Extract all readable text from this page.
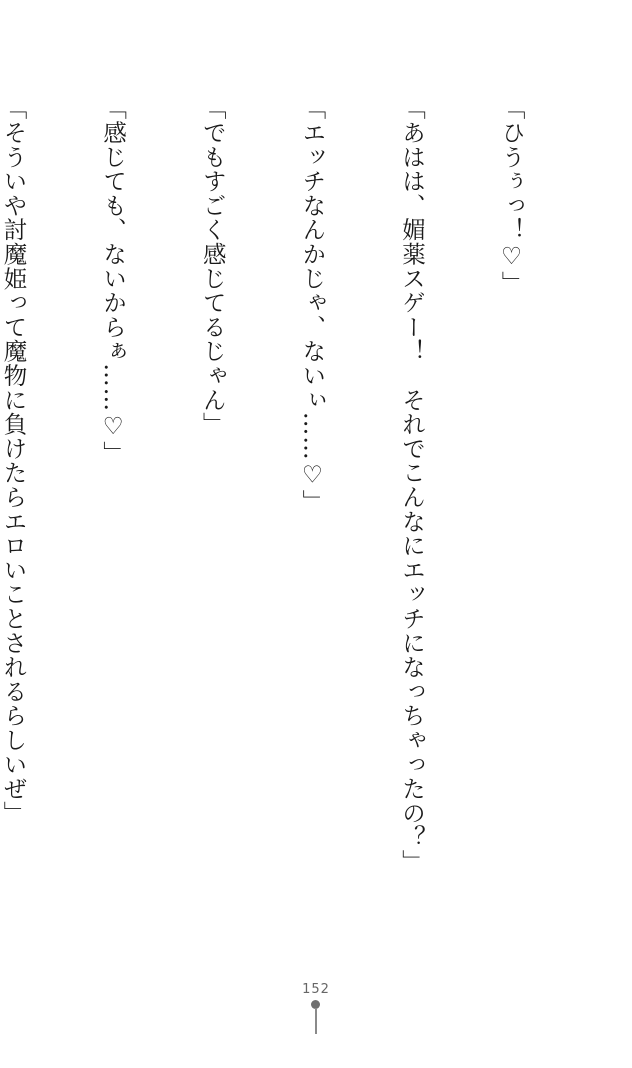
「ひうぅっ！♡」

「あはは、媚薬スゲー！　それでこんなにエッチになっちゃったの？」

「エッチなんかじゃ、ないぃ……♡」

「でもすごく感じてるじゃん」

「感じても、ないからぁ……♡」

「そういや討魔姫って魔物に負けたらエロいことされるらしいぜ」

152
